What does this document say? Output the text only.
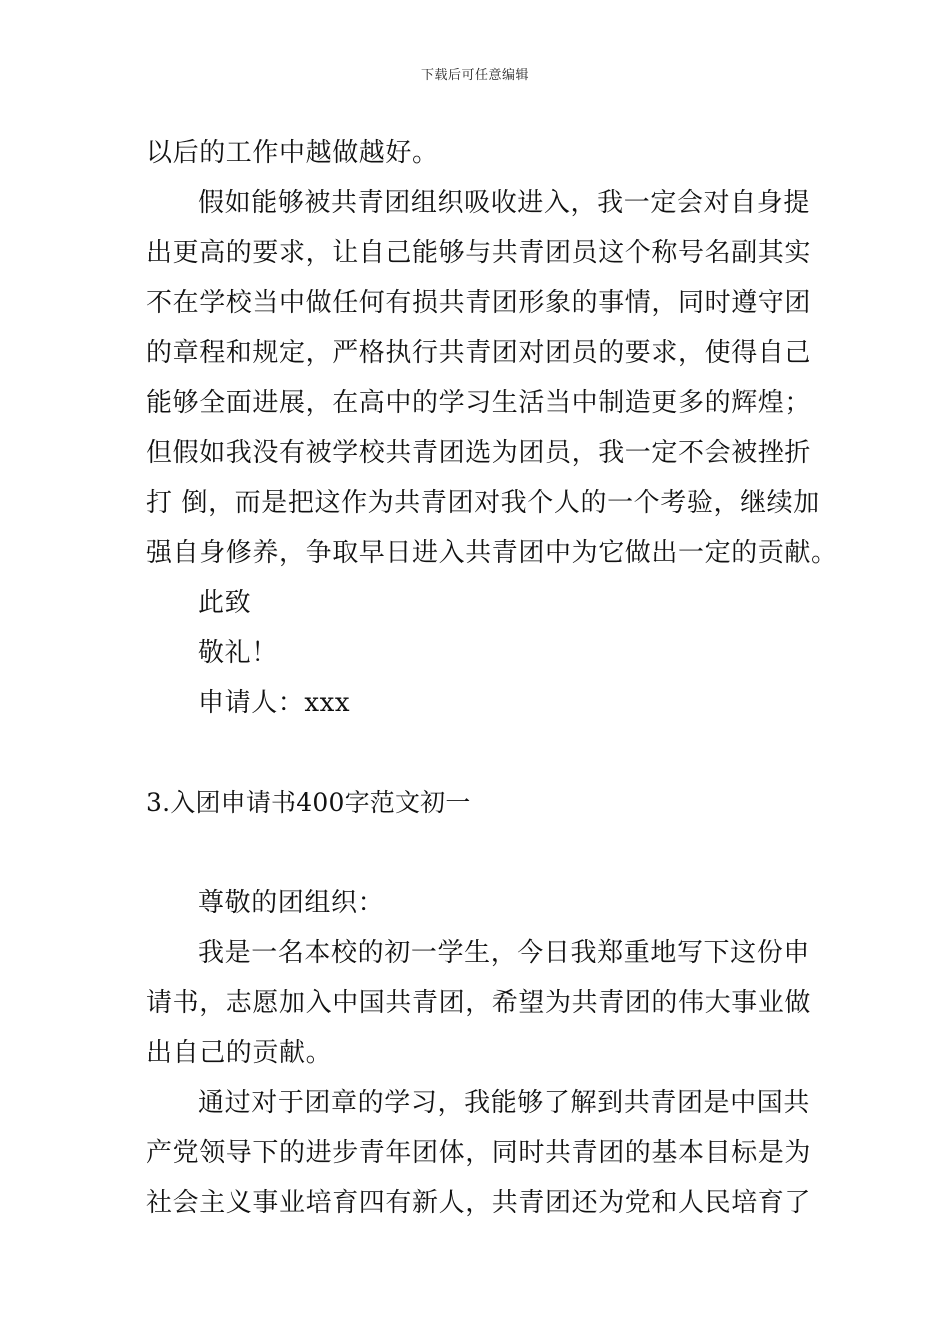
下载后可任意编辑
以后的工作中越做越好。
假如能够被共青团组织吸收进入，我一定会对自身提
出更高的要求，让自己能够与共青团员这个称号名副其实
不在学校当中做任何有损共青团形象的事情，同时遵守团
的章程和规定，严格执行共青团对团员的要求，使得自己
能够全面进展，在高中的学习生活当中制造更多的辉煌；
但假如我没有被学校共青团选为团员，我一定不会被挫折
打 倒，而是把这作为共青团对我个人的一个考验，继续加
强自身修养，争取早日进入共青团中为它做出一定的贡献。
此致
敬礼！
申请人：xxx
3.入团申请书400字范文初一
尊敬的团组织：
我是一名本校的初一学生，今日我郑重地写下这份申
请书，志愿加入中国共青团，希望为共青团的伟大事业做
出自己的贡献。
通过对于团章的学习，我能够了解到共青团是中国共
产党领导下的进步青年团体，同时共青团的基本目标是为
社会主义事业培育四有新人，共青团还为党和人民培育了
